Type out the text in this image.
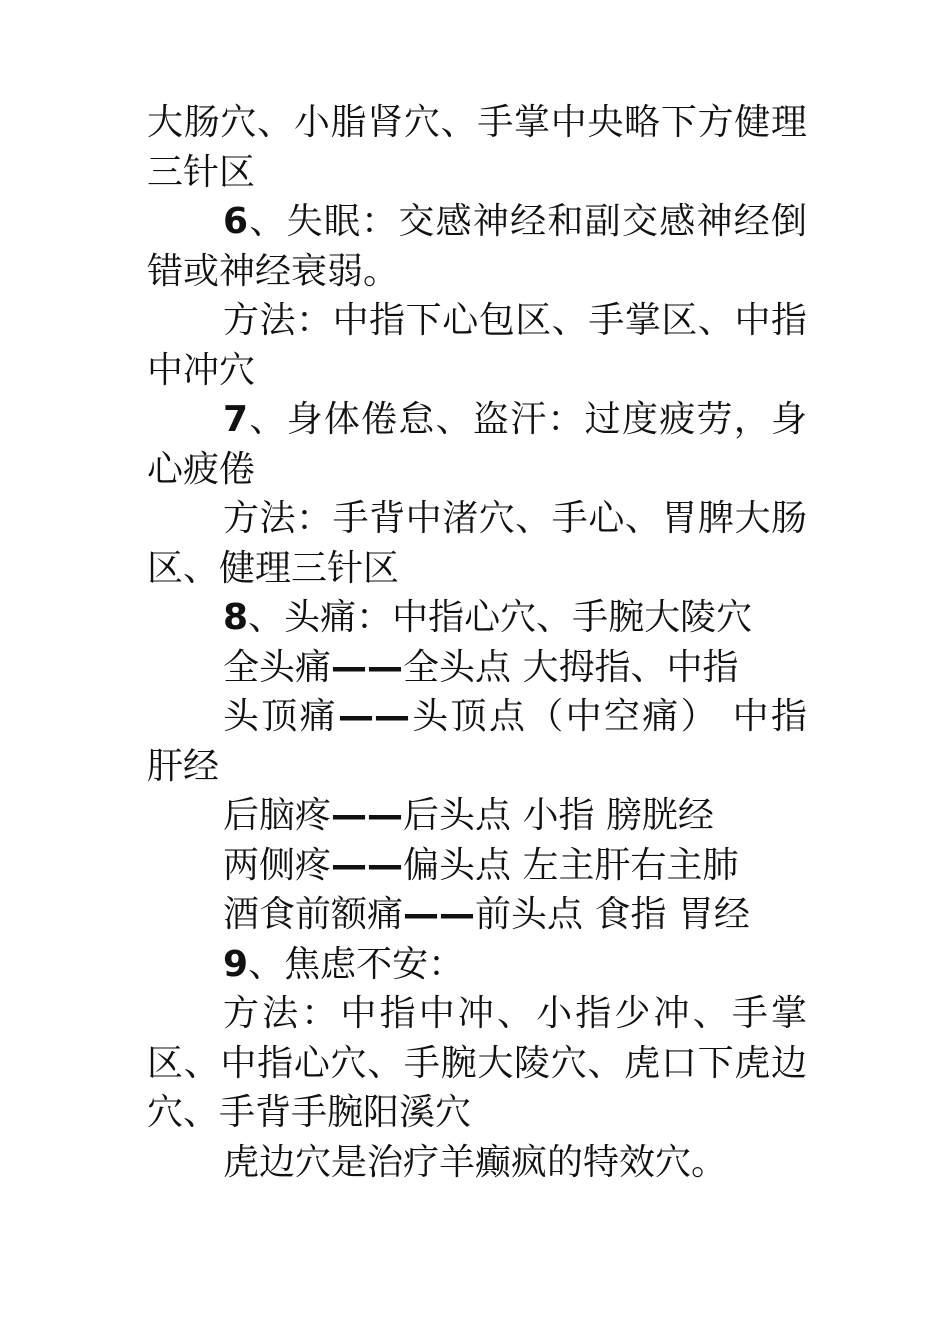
大肠穴、小脂肾穴、手掌中央略下方健理三针区

6、失眠：交感神经和副交感神经倒错或神经衰弱。

方法：中指下心包区、手掌区、中指中冲穴

7、身体倦怠、盗汗：过度疲劳，身心疲倦

方法：手背中渚穴、手心、胃脾大肠区、健理三针区

8、头痛：中指心穴、手腕大陵穴

全头痛——全头点 大拇指、中指

头顶痛——头顶点（中空痛） 中指肝经

后脑疼——后头点 小指 膀胱经

两侧疼——偏头点 左主肝右主肺

酒食前额痛——前头点 食指 胃经

9、焦虑不安：

方法：中指中冲、小指少冲、手掌区、中指心穴、手腕大陵穴、虎口下虎边穴、手背手腕阳溪穴

虎边穴是治疗羊癫疯的特效穴。
